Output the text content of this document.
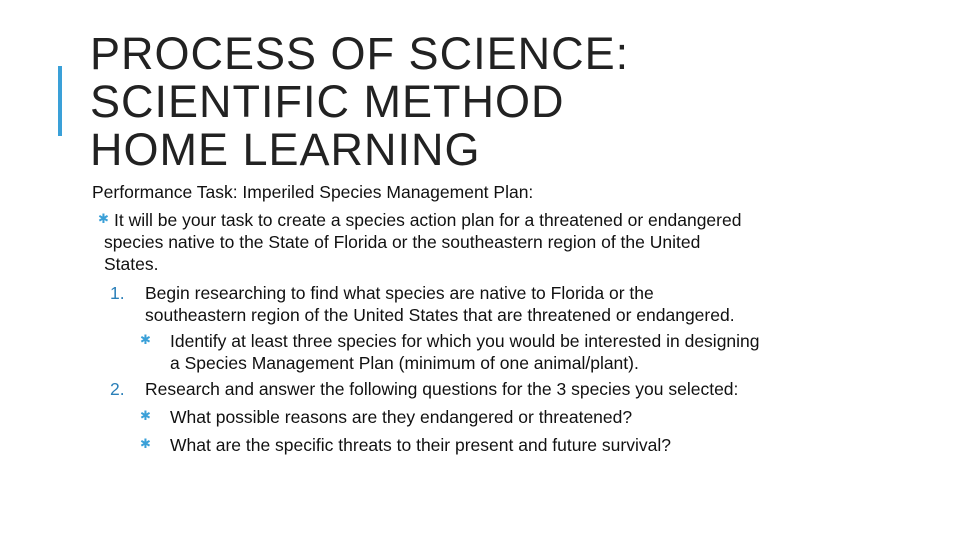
PROCESS OF SCIENCE:
SCIENTIFIC METHOD
HOME LEARNING
Performance Task: Imperiled Species Management Plan:
✱ It will be your task to create a species action plan for a threatened or endangered
species native to the State of Florida or the southeastern region of the United
States.
1. Begin researching to find what species are native to Florida or the
southeastern region of the United States that are threatened or endangered.
✱ Identify at least three species for which you would be interested in designing
a Species Management Plan (minimum of one animal/plant).
2. Research and answer the following questions for the 3 species you selected:
✱ What possible reasons are they endangered or threatened?
✱ What are the specific threats to their present and future survival?
